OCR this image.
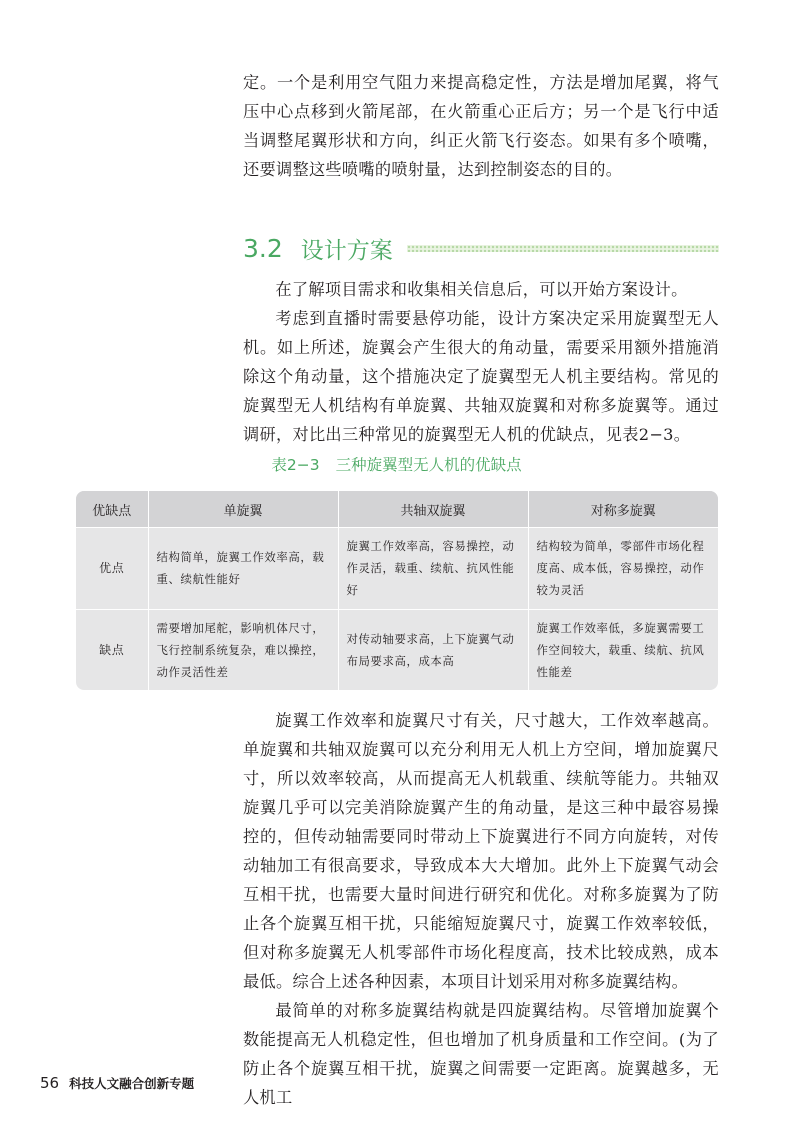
定。一个是利用空气阻力来提高稳定性，方法是增加尾翼，将气压中心点移到火箭尾部，在火箭重心正后方；另一个是飞行中适当调整尾翼形状和方向，纠正火箭飞行姿态。如果有多个喷嘴，还要调整这些喷嘴的喷射量，达到控制姿态的目的。

3.2 设计方案

在了解项目需求和收集相关信息后，可以开始方案设计。

考虑到直播时需要悬停功能，设计方案决定采用旋翼型无人机。如上所述，旋翼会产生很大的角动量，需要采用额外措施消除这个角动量，这个措施决定了旋翼型无人机主要结构。常见的旋翼型无人机结构有单旋翼、共轴双旋翼和对称多旋翼等。通过调研，对比出三种常见的旋翼型无人机的优缺点，见表2−3。

表2−3 三种旋翼型无人机的优缺点
优缺点	单旋翼	共轴双旋翼	对称多旋翼
优点	结构简单，旋翼工作效率高，载重、续航性能好	旋翼工作效率高，容易操控，动作灵活，载重、续航、抗风性能好	结构较为简单，零部件市场化程度高、成本低，容易操控，动作较为灵活
缺点	需要增加尾舵，影响机体尺寸，飞行控制系统复杂，难以操控，动作灵活性差	对传动轴要求高，上下旋翼气动布局要求高，成本高	旋翼工作效率低，多旋翼需要工作空间较大，载重、续航、抗风性能差

旋翼工作效率和旋翼尺寸有关，尺寸越大，工作效率越高。单旋翼和共轴双旋翼可以充分利用无人机上方空间，增加旋翼尺寸，所以效率较高，从而提高无人机载重、续航等能力。共轴双旋翼几乎可以完美消除旋翼产生的角动量，是这三种中最容易操控的，但传动轴需要同时带动上下旋翼进行不同方向旋转，对传动轴加工有很高要求，导致成本大大增加。此外上下旋翼气动会互相干扰，也需要大量时间进行研究和优化。对称多旋翼为了防止各个旋翼互相干扰，只能缩短旋翼尺寸，旋翼工作效率较低，但对称多旋翼无人机零部件市场化程度高，技术比较成熟，成本最低。综合上述各种因素，本项目计划采用对称多旋翼结构。

最简单的对称多旋翼结构就是四旋翼结构。尽管增加旋翼个数能提高无人机稳定性，但也增加了机身质量和工作空间。(为了防止各个旋翼互相干扰，旋翼之间需要一定距离。旋翼越多，无人机工

56 科技人文融合创新专题
